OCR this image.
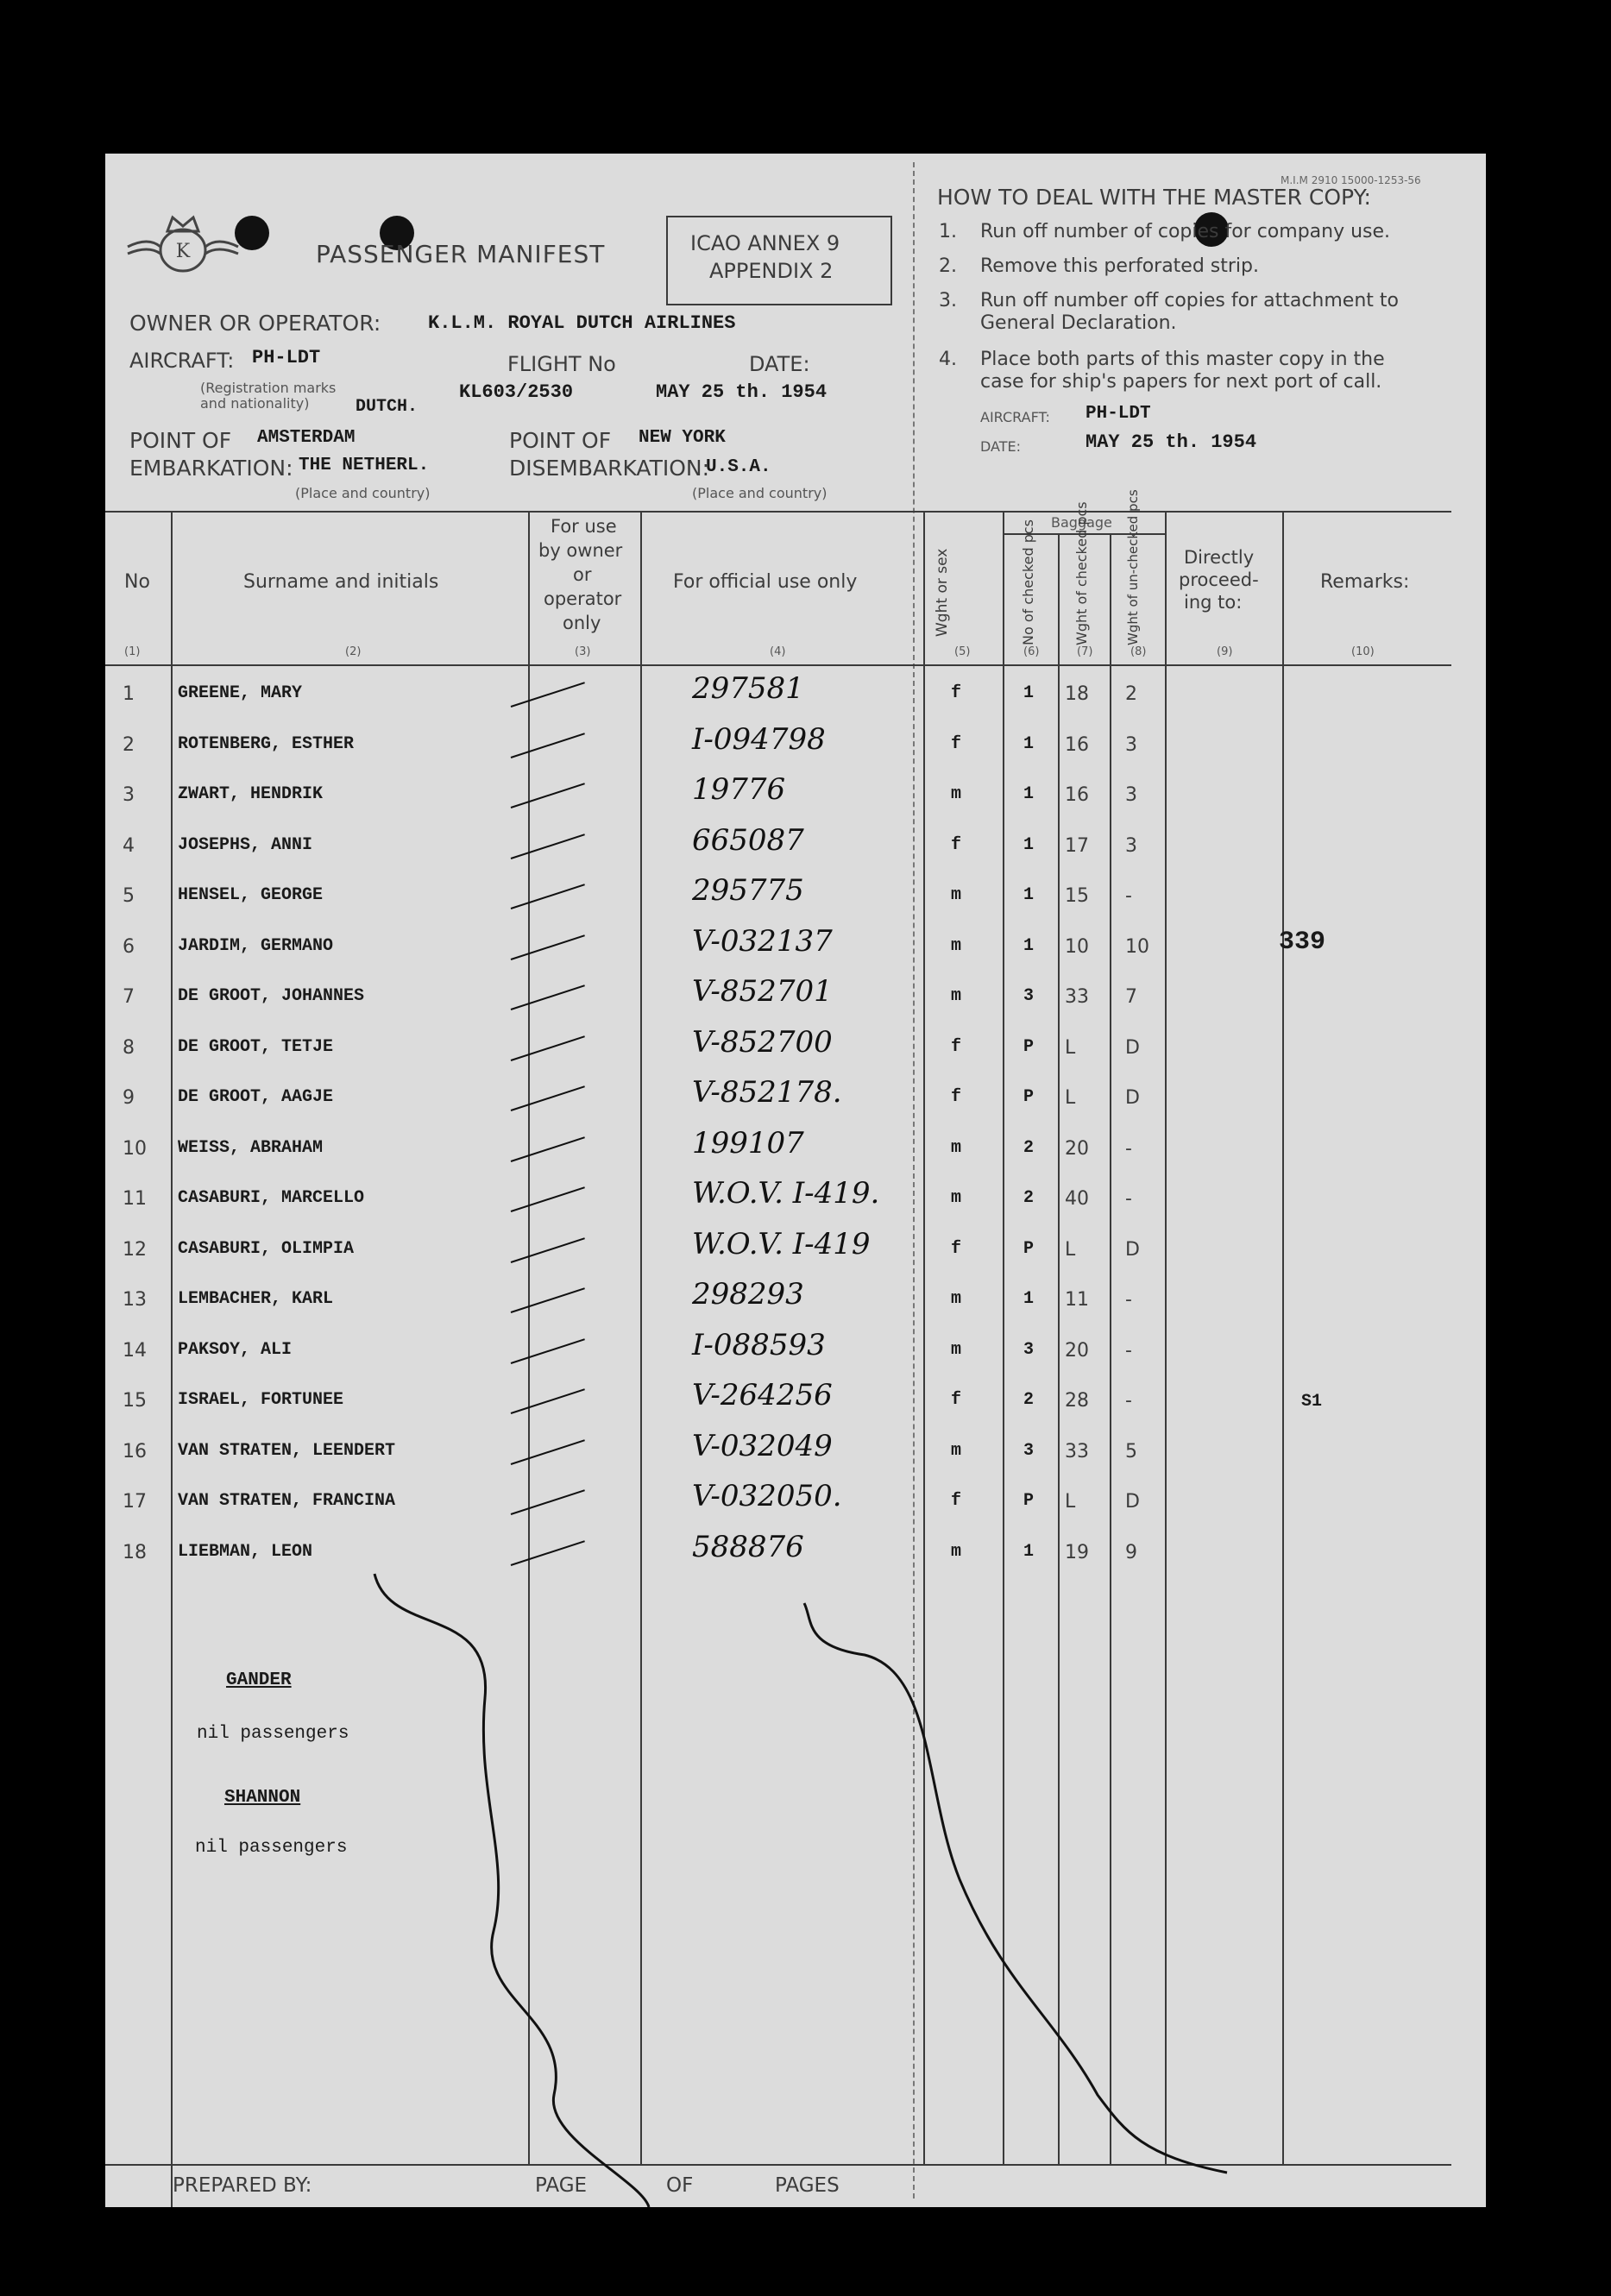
M.I.M 2910 15000-1253-56
K	PASSENGER MANIFEST	ICAO ANNEX 9
APPENDIX 2
OWNER OR OPERATOR: K.L.M. ROYAL DUTCH AIRLINES
AIRCRAFT: PH-LDT
(Registration marks
and nationality)	DUTCH.
FLIGHT No
KL603/2530
DATE:
MAY 25 th. 1954
POINT OF
EMBARKATION:
AMSTERDAM
THE NETHERL.
(Place and country)
POINT OF
DISEMBARKATION:
NEW YORK
U.S.A.
(Place and country)
HOW TO DEAL WITH THE MASTER COPY:
1. Run off number of copies for company use.
2. Remove this perforated strip.
3. Run off number off copies for attachment to
General Declaration.
4. Place both parts of this master copy in the
case for ship's papers for next port of call.
AIRCRAFT: PH-LDT
DATE:	MAY 25 th. 1954
No	Surname and initials
For use
by owner
or
operator
only
For official use only	Wght or sex
Baggage
No of checked pcs	Wght of checked pcs	Wght of un-checked pcs Directly
proceed-
ing to:
Remarks:
(1)	(2)	(3)	(4)	(5)	(6)	(7)	(8)	(9)	(10)
1	GREENE, MARY	297581	f	1 18 2
2	ROTENBERG, ESTHER	I-094798	f	1 16 3
3	ZWART, HENDRIK	19776	m	1 16 3
4	JOSEPHS, ANNI	665087	f	1 17 3
5	HENSEL, GEORGE	295775	m	1 15 -
6	JARDIM, GERMANO	V-032137	m	1 10 10	339
7	DE GROOT, JOHANNES	V-852701	m	3 33 7
8	DE GROOT, TETJE	V-852700	f	P L	D
9	DE GROOT, AAGJE	V-852178.	f	P L	D
10 WEISS, ABRAHAM	199107	m	2 20 -
11 CASABURI, MARCELLO	W.O.V. I-419.	m	2 40 -
12 CASABURI, OLIMPIA	W.O.V. I-419	f	P L	D
13 LEMBACHER, KARL	298293	m	1 11 -
14 PAKSOY, ALI	I-088593	m	3 20 -
15 ISRAEL, FORTUNEE	V-264256	f	2 28 -	S1
16 VAN STRATEN, LEENDERT	V-032049	m	3 33 5
17 VAN STRATEN, FRANCINA	V-032050.	f	P L	D
18 LIEBMAN, LEON	588876	m	1 19 9
GANDER
nil passengers
SHANNON
nil passengers
PREPARED BY:	PAGE	OF	PAGES
